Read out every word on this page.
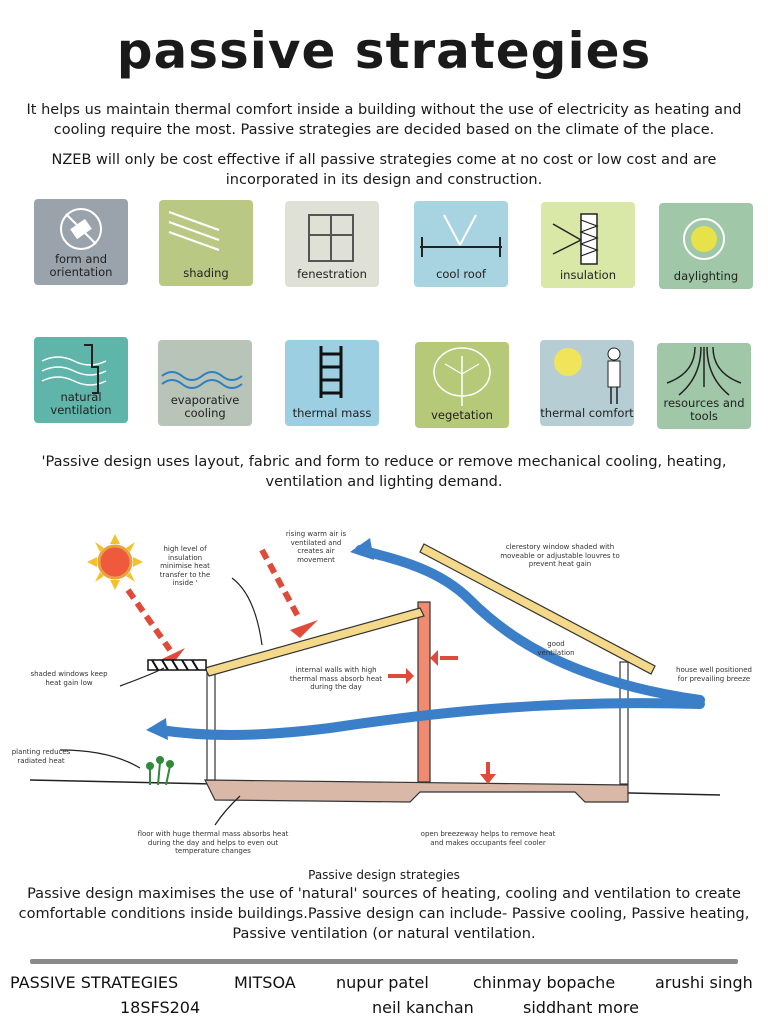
passive strategies
It helps us maintain thermal comfort inside a building without the use of electricity as heating and cooling require the most. Passive strategies are decided based on the climate of the place.
NZEB will only be cost effective if all passive strategies come at no cost or low cost and are incorporated in its design and construction.
form and orientation	shading	fenestration	cool roof	insulation	daylighting
natural ventilation
evaporative cooling	thermal mass	vegetation	thermal comfort
resources and tools
'Passive design uses layout, fabric and form to reduce or remove mechanical cooling, heating, ventilation and lighting demand.
high level of insulation minimise heat transfer to the inside '
rising warm air is ventilated and creates air movement
clerestory window shaded with moveable or adjustable louvres to prevent heat gain
good ventilation
shaded windows keep heat gain low
internal walls with high thermal mass absorb heat during the day
house well positioned for prevailing breeze
planting reduces radiated heat
floor with huge thermal mass absorbs heat during the day and helps to even out temperature changes
open breezeway helps to remove heat and makes occupants feel cooler
Passive design strategies
Passive design maximises the use of 'natural' sources of heating, cooling and ventilation to create comfortable conditions inside buildings.Passive design can include- Passive cooling, Passive heating, Passive ventilation (or natural ventilation.
PASSIVE STRATEGIES	MITSOA	nupur patel	chinmay bopache arushi singh
18SFS204	neil kanchan	siddhant more
